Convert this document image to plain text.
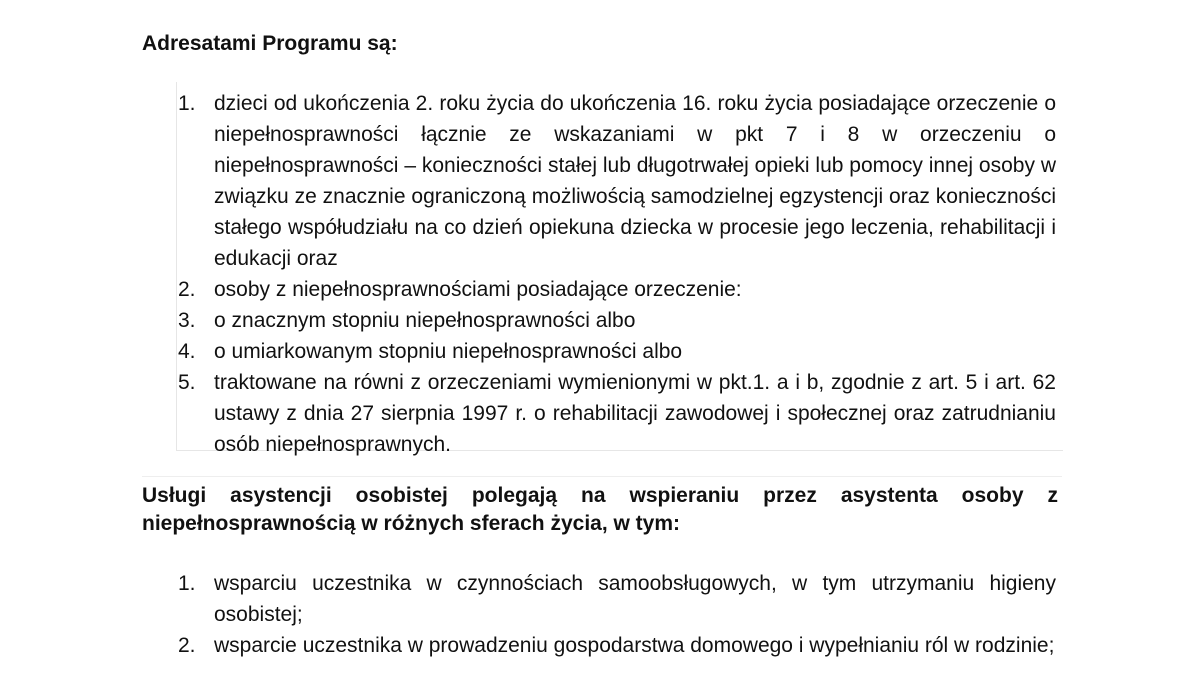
Adresatami Programu są:
1. dzieci od ukończenia 2. roku życia do ukończenia 16. roku życia posiadające orzeczenie o niepełnosprawności łącznie ze wskazaniami w pkt 7 i 8 w orzeczeniu o niepełnosprawności – konieczności stałej lub długotrwałej opieki lub pomocy innej osoby w związku ze znacznie ograniczoną możliwością samodzielnej egzystencji oraz konieczności stałego współudziału na co dzień opiekuna dziecka w procesie jego leczenia, rehabilitacji i edukacji oraz
2. osoby z niepełnosprawnościami posiadające orzeczenie:
3. o znacznym stopniu niepełnosprawności albo
4. o umiarkowanym stopniu niepełnosprawności albo
5. traktowane na równi z orzeczeniami wymienionymi w pkt.1. a i b, zgodnie z art. 5 i art. 62 ustawy z dnia 27 sierpnia 1997 r. o rehabilitacji zawodowej i społecznej oraz zatrudnianiu osób niepełnosprawnych.
Usługi asystencji osobistej polegają na wspieraniu przez asystenta osoby z niepełnosprawnością w różnych sferach życia, w tym:
1. wsparciu uczestnika w czynnościach samoobsługowych, w tym utrzymaniu higieny osobistej;
2. wsparcie uczestnika w prowadzeniu gospodarstwa domowego i wypełnianiu ról w rodzinie;
